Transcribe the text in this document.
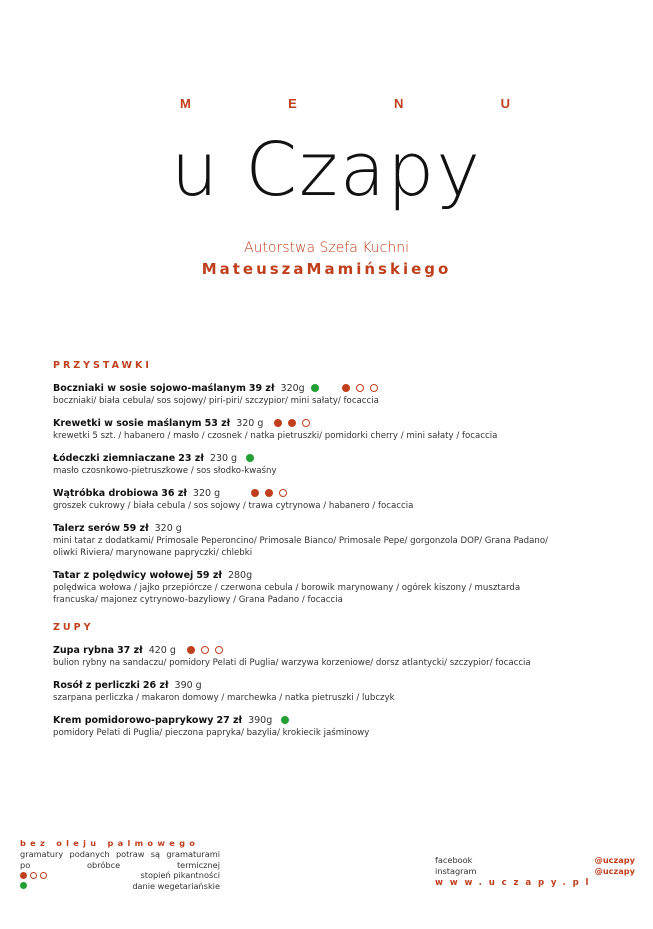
M	E	N	U
u Czapy
Autorstwa Szefa Kuchni
MateuszaMamińskiego
PRZYSTAWKI
Boczniaki w sosie sojowo-maślanym 39 zł 320g
boczniaki/ biała cebula/ sos sojowy/ piri-piri/ szczypior/ mini sałaty/ focaccia
Krewetki w sosie maślanym 53 zł 320 g
krewetki 5 szt. / habanero / masło / czosnek / natka pietruszki/ pomidorki cherry / mini sałaty / focaccia
Łódeczki ziemniaczane 23 zł 230 g
masło czosnkowo-pietruszkowe / sos słodko-kwaśny
Wątróbka drobiowa 36 zł 320 g
groszek cukrowy / biała cebula / sos sojowy / trawa cytrynowa / habanero / focaccia
Talerz serów 59 zł 320 g
mini tatar z dodatkami/ Primosale Peperoncino/ Primosale Bianco/ Primosale Pepe/ gorgonzola DOP/ Grana Padano/
oliwki Riviera/ marynowane papryczki/ chlebki
Tatar z polędwicy wołowej 59 zł 280g
polędwica wołowa / jajko przepiórcze / czerwona cebula / borowik marynowany / ogórek kiszony / musztarda
francuska/ majonez cytrynowo-bazyliowy / Grana Padano / focaccia
ZUPY
Zupa rybna 37 zł 420 g
bulion rybny na sandaczu/ pomidory Pelati di Puglia/ warzywa korzeniowe/ dorsz atlantycki/ szczypior/ focaccia
Rosół z perliczki 26 zł 390 g
szarpana perliczka / makaron domowy / marchewka / natka pietruszki / lubczyk
Krem pomidorowo-paprykowy 27 zł 390g
pomidory Pelati di Puglia/ pieczona papryka/ bazylia/ krokiecik jaśminowy
bez oleju palmowego
gramatury podanych potraw są gramaturami
po	obróbce	termicznej
stopień pikantności
danie wegetariańskie
facebook	@uczapy
instagram	@uczapy
www.uczapy.pl
